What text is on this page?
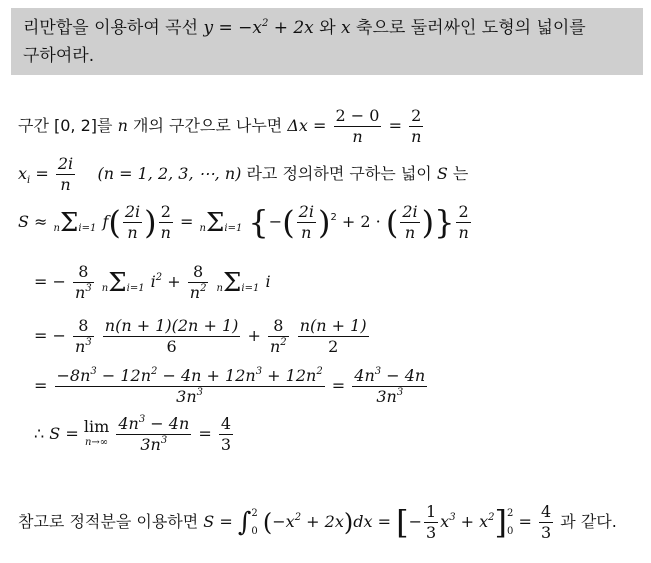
리만합을 이용하여 곡선 $y = -x^2 + 2x$ 와 x 축으로 둘러싸인 도형의 넓이를
구하여라.
구간 [0, 2]를 n 개의 구간으로 나누면 $\Delta x = \frac{2 - 0}{n} = \frac{2}{n}$
$x_i = \frac{2i}{n} (n = 1$, 2, 3, ⋯, n) 라고 정의하면 구하는 넓이 S 는
S ≈ nΣi=1 $f( \frac{2i}{n}$ ) $\frac{2}{n} = n\Sigma i=1$ {−( $\frac{2i}{n} )^2 + 2$ · ( $\frac{2i}{n}$ )} $\frac{2}{n}$
= − $\frac{8}{n^3} n\Sigma i=1$ $i^2 + \frac{8}{n^2} n\Sigma i=1$ i
= − $\frac{8}{n^3}$
$\frac{n(n + 1)(2n + 1)}{6} + \frac{8}{n^2}$
$\frac{n(n + 1)}{2}$
= $\frac{-8n^3 - 12n^2 - 4n + 12n^3 + 12n^2}{3n^3} = \frac{4n^3 - 4n}{3n^3}$
∴ S = lim
n→∞
$\frac{4n^3 - 4n}{3n^3} = \frac{4}{3}$
참고로 정적분을 이용하면 S = ∫ 2
0 $(-x^2 + 2x)dx$ = [− $\frac{1}{3} x^3 + x^2$] 2
$0 = \frac{4}{3}$ 과 같다.
